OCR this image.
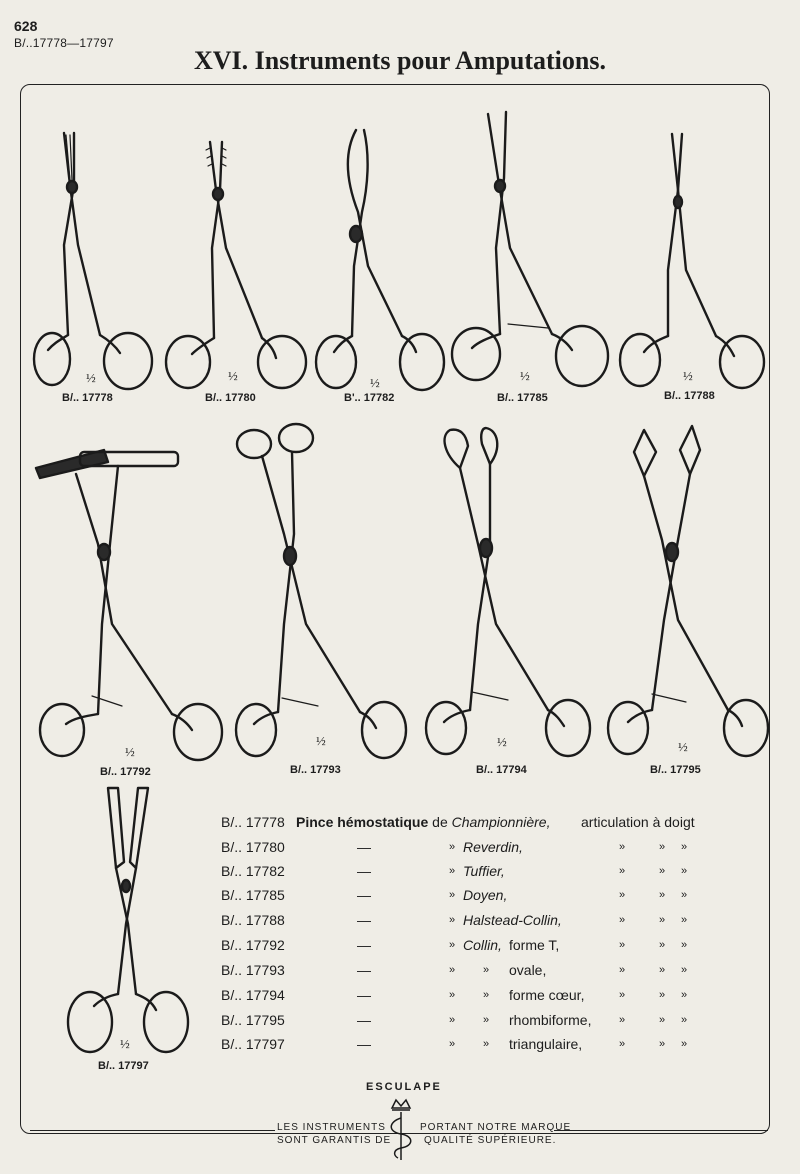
628
B/..17778—17797
XVI. Instruments pour Amputations.
½
B/.. 17778
½
B/.. 17780
½
B'.. 17782
½
B/.. 17785
½
B/.. 17788
½
B/.. 17792
½
B/.. 17793
½
B/.. 17794
½
B/.. 17795
½
B/.. 17797
B/.. 17778 Pince hémostatique de Championnière, articulation à doigt
B/.. 17780	—	» Reverdin,	»	» »
B/.. 17782	—	» Tuffier,	»	» »
B/.. 17785	—	» Doyen,	»	» »
B/.. 17788	—	» Halstead-Collin,	»	» »
B/.. 17792	—	» Collin, forme T,	»	» »
B/.. 17793	—	»	» ovale,	»	» »
B/.. 17794	—	»	» forme cœur,	»	» »
B/.. 17795	—	»	» rhombiforme,	»	» »
B/.. 17797	—	»	» triangulaire,	»	» »
ESCULAPE
LES INSTRUMENTS
SONT GARANTIS DE
PORTANT NOTRE MARQUE
QUALITÉ SUPÉRIEURE.
